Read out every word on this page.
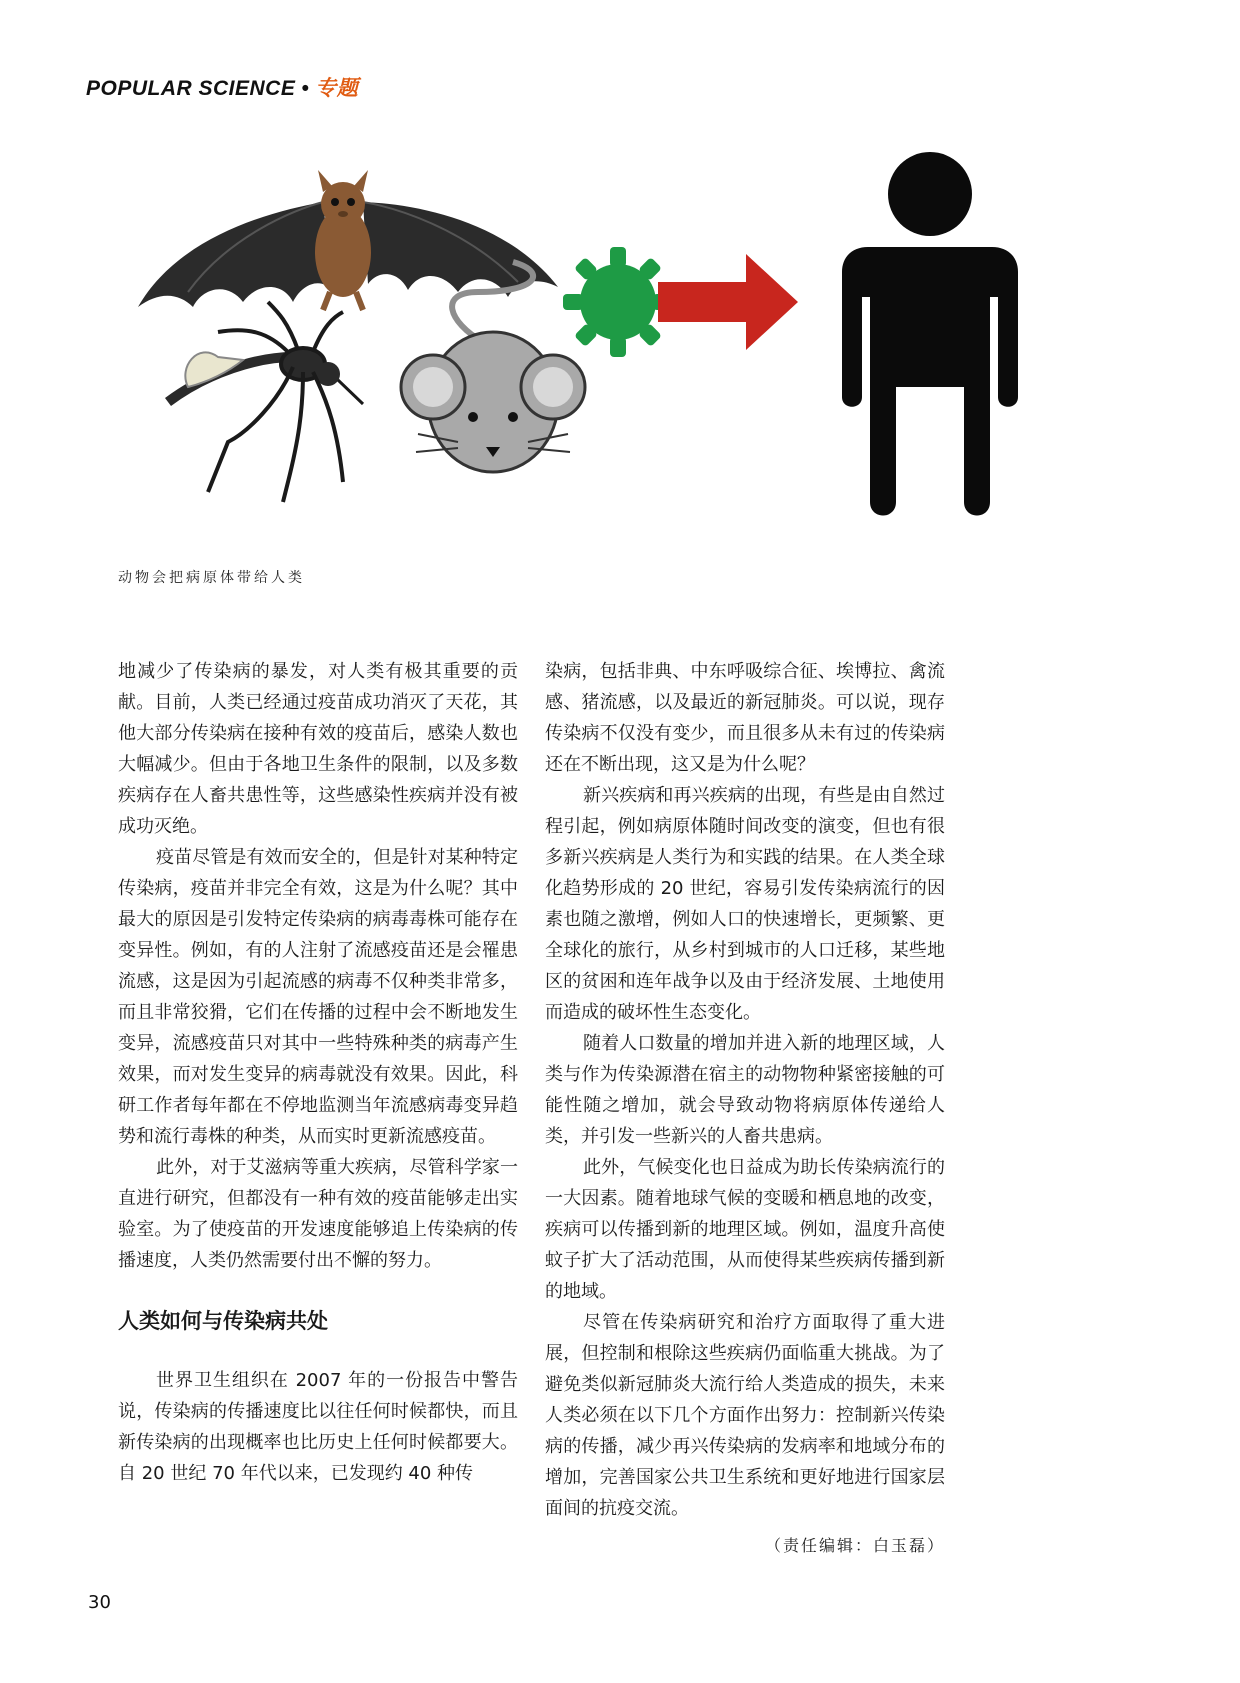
POPULAR SCIENCE • 专题
动物会把病原体带给人类

地减少了传染病的暴发，对人类有极其重要的贡献。目前，人类已经通过疫苗成功消灭了天花，其他大部分传染病在接种有效的疫苗后，感染人数也大幅减少。但由于各地卫生条件的限制，以及多数疾病存在人畜共患性等，这些感染性疾病并没有被成功灭绝。

疫苗尽管是有效而安全的，但是针对某种特定传染病，疫苗并非完全有效，这是为什么呢？其中最大的原因是引发特定传染病的病毒毒株可能存在变异性。例如，有的人注射了流感疫苗还是会罹患流感，这是因为引起流感的病毒不仅种类非常多，而且非常狡猾，它们在传播的过程中会不断地发生变异，流感疫苗只对其中一些特殊种类的病毒产生效果，而对发生变异的病毒就没有效果。因此，科研工作者每年都在不停地监测当年流感病毒变异趋势和流行毒株的种类，从而实时更新流感疫苗。

此外，对于艾滋病等重大疾病，尽管科学家一直进行研究，但都没有一种有效的疫苗能够走出实验室。为了使疫苗的开发速度能够追上传染病的传播速度，人类仍然需要付出不懈的努力。

人类如何与传染病共处

世界卫生组织在 2007 年的一份报告中警告说，传染病的传播速度比以往任何时候都快，而且新传染病的出现概率也比历史上任何时候都要大。自 20 世纪 70 年代以来，已发现约 40 种传

染病，包括非典、中东呼吸综合征、埃博拉、禽流感、猪流感，以及最近的新冠肺炎。可以说，现存传染病不仅没有变少，而且很多从未有过的传染病还在不断出现，这又是为什么呢？

新兴疾病和再兴疾病的出现，有些是由自然过程引起，例如病原体随时间改变的演变，但也有很多新兴疾病是人类行为和实践的结果。在人类全球化趋势形成的 20 世纪，容易引发传染病流行的因素也随之激增，例如人口的快速增长，更频繁、更全球化的旅行，从乡村到城市的人口迁移，某些地区的贫困和连年战争以及由于经济发展、土地使用而造成的破坏性生态变化。

随着人口数量的增加并进入新的地理区域，人类与作为传染源潜在宿主的动物物种紧密接触的可能性随之增加，就会导致动物将病原体传递给人类，并引发一些新兴的人畜共患病。

此外，气候变化也日益成为助长传染病流行的一大因素。随着地球气候的变暖和栖息地的改变，疾病可以传播到新的地理区域。例如，温度升高使蚊子扩大了活动范围，从而使得某些疾病传播到新的地域。

尽管在传染病研究和治疗方面取得了重大进展，但控制和根除这些疾病仍面临重大挑战。为了避免类似新冠肺炎大流行给人类造成的损失，未来人类必须在以下几个方面作出努力：控制新兴传染病的传播，减少再兴传染病的发病率和地域分布的增加，完善国家公共卫生系统和更好地进行国家层面间的抗疫交流。

（责任编辑：白玉磊）
30
